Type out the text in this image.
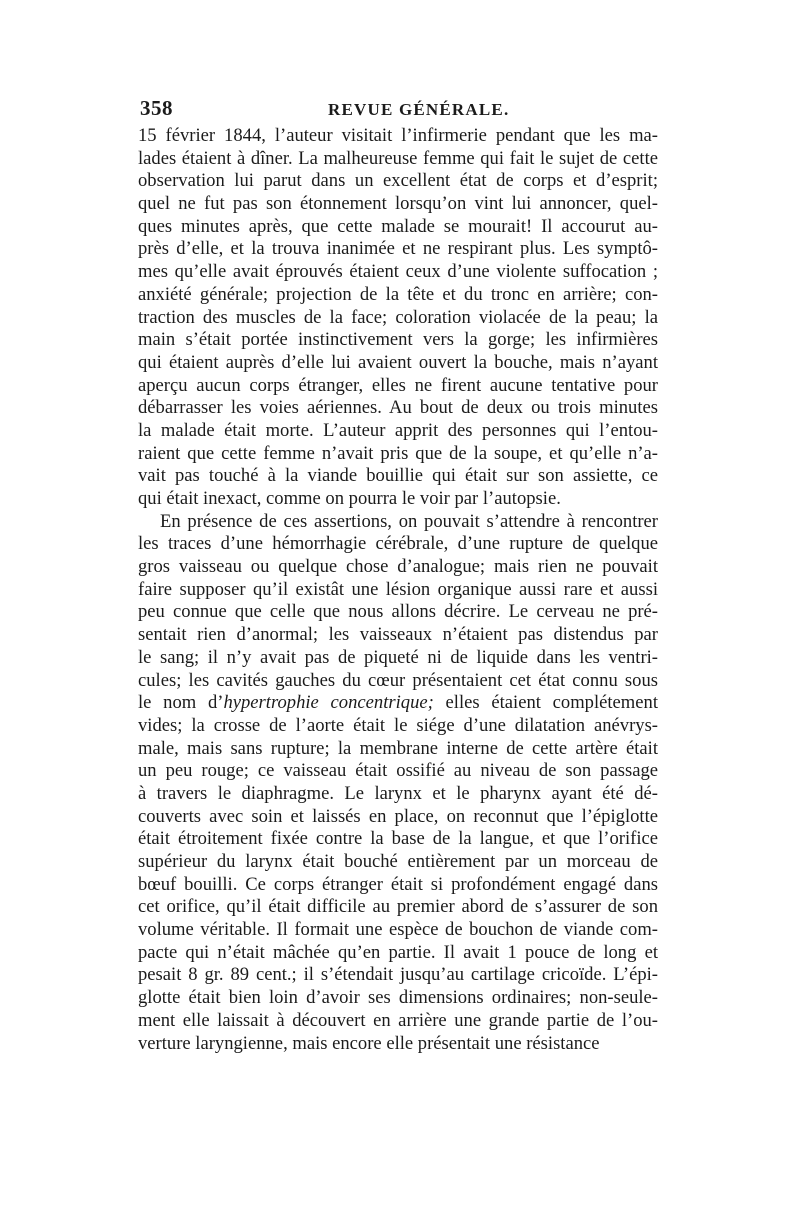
358	REVUE GÉNÉRALE.
15 février 1844, l’auteur visitait l’infirmerie pendant que les ma-
lades étaient à dîner. La malheureuse femme qui fait le sujet de cette
observation lui parut dans un excellent état de corps et d’esprit;
quel ne fut pas son étonnement lorsqu’on vint lui annoncer, quel-
ques minutes après, que cette malade se mourait! Il accourut au-
près d’elle, et la trouva inanimée et ne respirant plus. Les symptô-
mes qu’elle avait éprouvés étaient ceux d’une violente suffocation ;
anxiété générale; projection de la tête et du tronc en arrière; con-
traction des muscles de la face; coloration violacée de la peau; la
main s’était portée instinctivement vers la gorge; les infirmières
qui étaient auprès d’elle lui avaient ouvert la bouche, mais n’ayant
aperçu aucun corps étranger, elles ne firent aucune tentative pour
débarrasser les voies aériennes. Au bout de deux ou trois minutes
la malade était morte. L’auteur apprit des personnes qui l’entou-
raient que cette femme n’avait pris que de la soupe, et qu’elle n’a-
vait pas touché à la viande bouillie qui était sur son assiette, ce
qui était inexact, comme on pourra le voir par l’autopsie.
En présence de ces assertions, on pouvait s’attendre à rencontrer
les traces d’une hémorrhagie cérébrale, d’une rupture de quelque
gros vaisseau ou quelque chose d’analogue; mais rien ne pouvait
faire supposer qu’il existât une lésion organique aussi rare et aussi
peu connue que celle que nous allons décrire. Le cerveau ne pré-
sentait rien d’anormal; les vaisseaux n’étaient pas distendus par
le sang; il n’y avait pas de piqueté ni de liquide dans les ventri-
cules; les cavités gauches du cœur présentaient cet état connu sous
le nom d’hypertrophie concentrique; elles étaient complétement
vides; la crosse de l’aorte était le siége d’une dilatation anévrys-
male, mais sans rupture; la membrane interne de cette artère était
un peu rouge; ce vaisseau était ossifié au niveau de son passage
à travers le diaphragme. Le larynx et le pharynx ayant été dé-
couverts avec soin et laissés en place, on reconnut que l’épiglotte
était étroitement fixée contre la base de la langue, et que l’orifice
supérieur du larynx était bouché entièrement par un morceau de
bœuf bouilli. Ce corps étranger était si profondément engagé dans
cet orifice, qu’il était difficile au premier abord de s’assurer de son
volume véritable. Il formait une espèce de bouchon de viande com-
pacte qui n’était mâchée qu’en partie. Il avait 1 pouce de long et
pesait 8 gr. 89 cent.; il s’étendait jusqu’au cartilage cricoïde. L’épi-
glotte était bien loin d’avoir ses dimensions ordinaires; non-seule-
ment elle laissait à découvert en arrière une grande partie de l’ou-
verture laryngienne, mais encore elle présentait une résistance
